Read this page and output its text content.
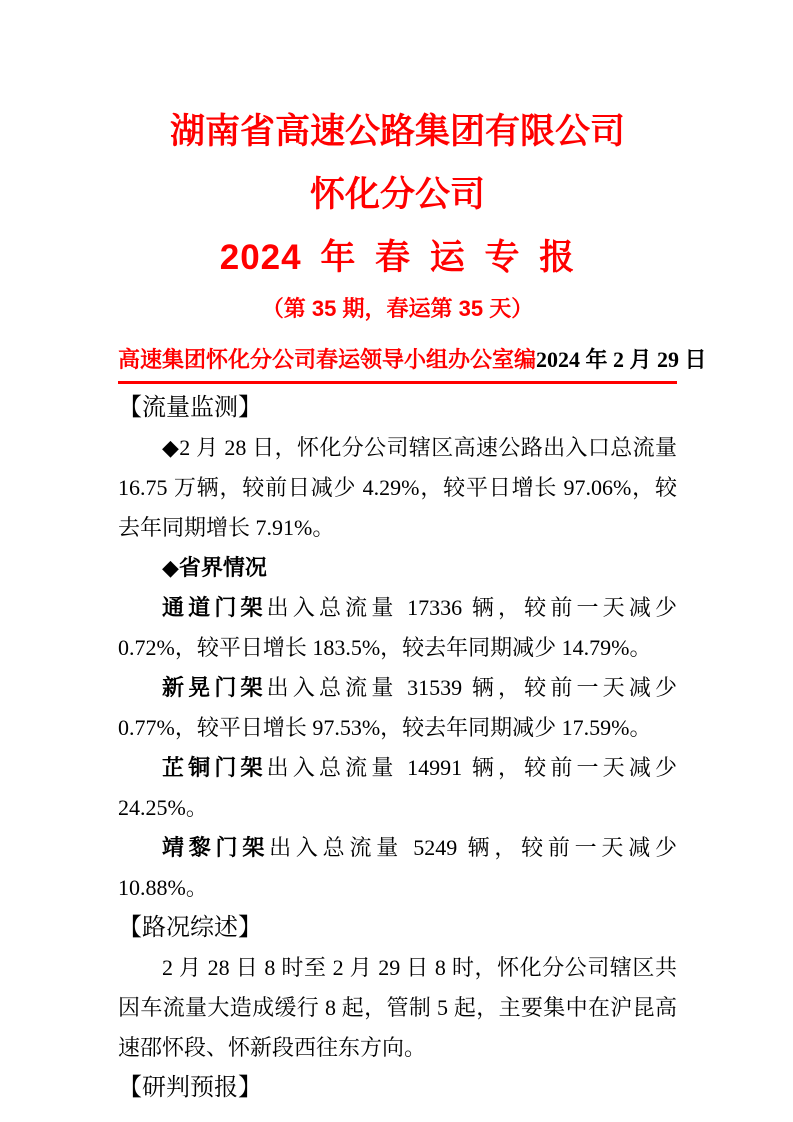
湖南省高速公路集团有限公司
怀化分公司
2024 年 春 运 专 报
（第 35 期，春运第 35 天）
高速集团怀化分公司春运领导小组办公室编 2024 年 2 月 29 日
【流量监测】

◆2 月 28 日，怀化分公司辖区高速公路出入口总流量 16.75 万辆，较前日减少 4.29%，较平日增长 97.06%，较去年同期增长 7.91%。

◆省界情况

通道门架出入总流量 17336 辆，较前一天减少 0.72%，较平日增长 183.5%，较去年同期减少 14.79%。

新晃门架出入总流量 31539 辆，较前一天减少 0.77%，较平日增长 97.53%，较去年同期减少 17.59%。

芷铜门架出入总流量 14991 辆，较前一天减少 24.25%。

靖黎门架出入总流量 5249 辆，较前一天减少 10.88%。

【路况综述】

2 月 28 日 8 时至 2 月 29 日 8 时，怀化分公司辖区共因车流量大造成缓行 8 起，管制 5 起，主要集中在沪昆高速邵怀段、怀新段西往东方向。

【研判预报】
